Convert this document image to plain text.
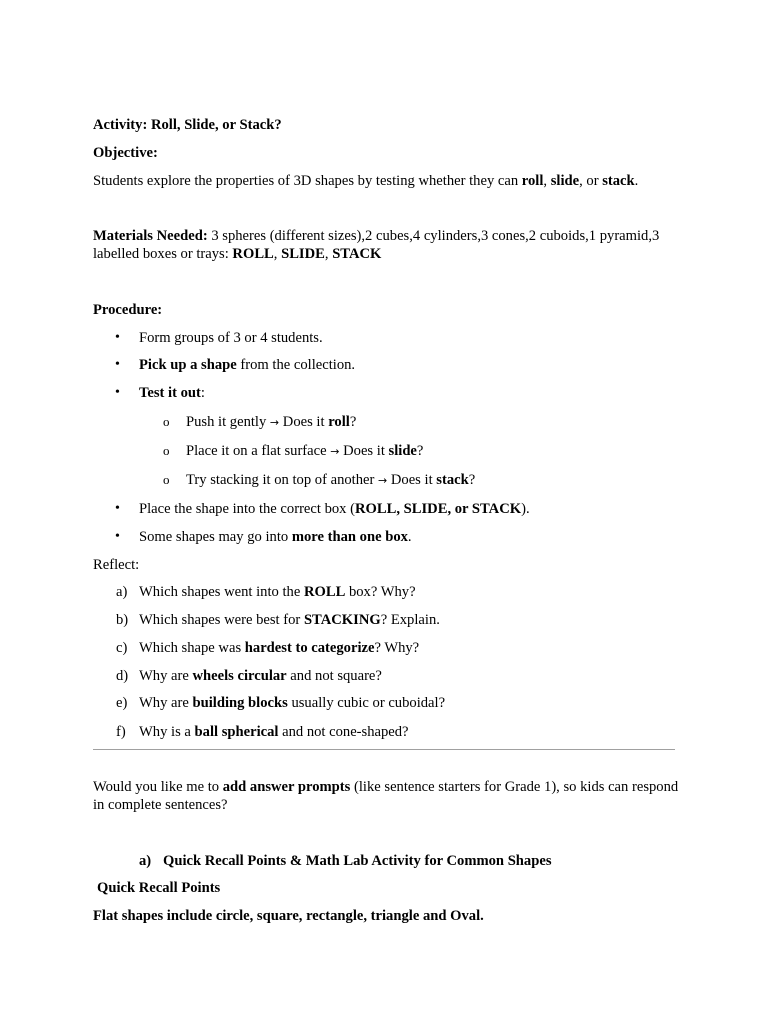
Activity: Roll, Slide, or Stack?

Objective:

Students explore the properties of 3D shapes by testing whether they can roll, slide, or stack.

Materials Needed: 3 spheres (different sizes),2 cubes,4 cylinders,3 cones,2 cuboids,1 pyramid,3 labelled boxes or trays: ROLL, SLIDE, STACK

Procedure:

• Form groups of 3 or 4 students.

• Pick up a shape from the collection.

• Test it out:

o Push it gently → Does it roll?

o Place it on a flat surface → Does it slide?

o Try stacking it on top of another → Does it stack?

• Place the shape into the correct box (ROLL, SLIDE, or STACK).

• Some shapes may go into more than one box.

Reflect:

a) Which shapes went into the ROLL box? Why?

b) Which shapes were best for STACKING? Explain.

c) Which shape was hardest to categorize? Why?

d) Why are wheels circular and not square?

e) Why are building blocks usually cubic or cuboidal?

f) Why is a ball spherical and not cone-shaped?

Would you like me to add answer prompts (like sentence starters for Grade 1), so kids can respond in complete sentences?

a) Quick Recall Points & Math Lab Activity for Common Shapes

Quick Recall Points

Flat shapes include circle, square, rectangle, triangle and Oval.
